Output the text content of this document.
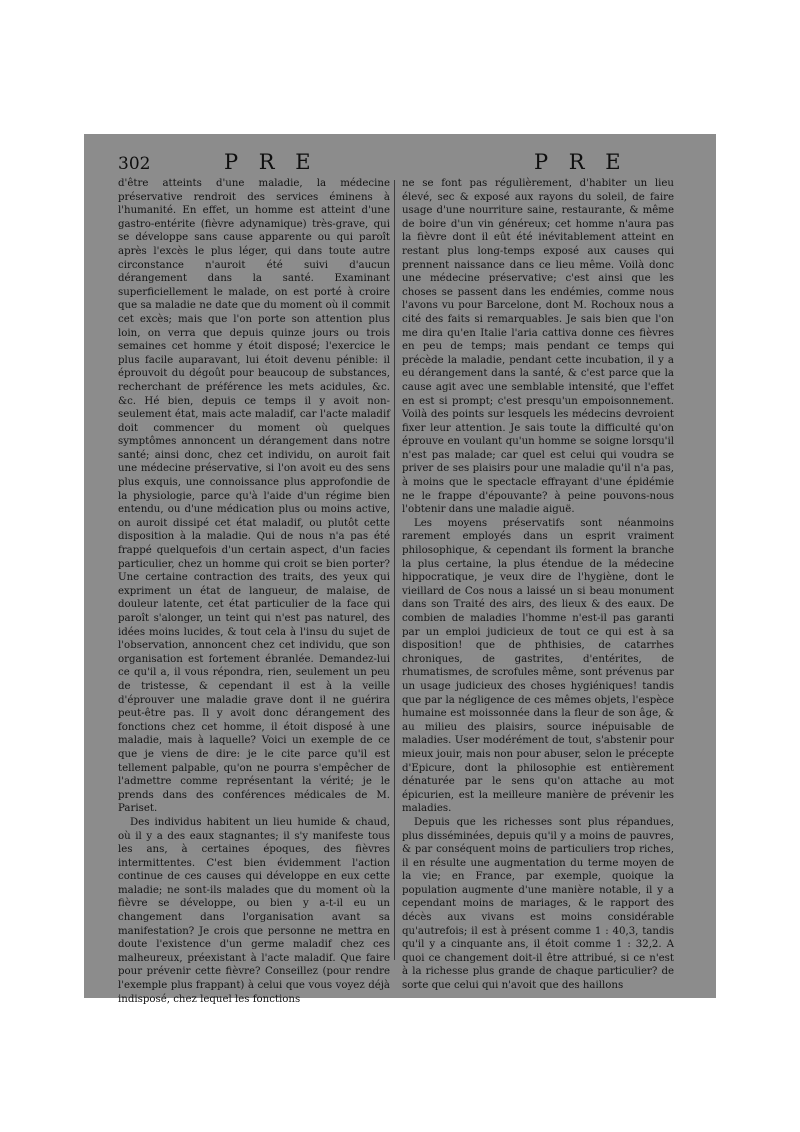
302	P R E	P R E

d'être atteints d'une maladie, la médecine préservative rendroit des services éminens à l'humanité. En effet, un homme est atteint d'une gastro-entérite (fièvre adynamique) très-grave, qui se développe sans cause apparente ou qui paroît après l'excès le plus léger, qui dans toute autre circonstance n'auroit été suivi d'aucun dérangement dans la santé. Examinant superficiellement le malade, on est porté à croire que sa maladie ne date que du moment où il commit cet excès; mais que l'on porte son attention plus loin, on verra que depuis quinze jours ou trois semaines cet homme y étoit disposé; l'exercice le plus facile auparavant, lui étoit devenu pénible: il éprouvoit du dégoût pour beaucoup de substances, recherchant de préférence les mets acidules, &c. &c. Hé bien, depuis ce temps il y avoit non-seulement état, mais acte maladif, car l'acte maladif doit commencer du moment où quelques symptômes annoncent un dérangement dans notre santé; ainsi donc, chez cet individu, on auroit fait une médecine préservative, si l'on avoit eu des sens plus exquis, une connoissance plus approfondie de la physiologie, parce qu'à l'aide d'un régime bien entendu, ou d'une médication plus ou moins active, on auroit dissipé cet état maladif, ou plutôt cette disposition à la maladie. Qui de nous n'a pas été frappé quelquefois d'un certain aspect, d'un facies particulier, chez un homme qui croit se bien porter? Une certaine contraction des traits, des yeux qui expriment un état de langueur, de malaise, de douleur latente, cet état particulier de la face qui paroît s'alonger, un teint qui n'est pas naturel, des idées moins lucides, & tout cela à l'insu du sujet de l'observation, annoncent chez cet individu, que son organisation est fortement ébranlée. Demandez-lui ce qu'il a, il vous répondra, rien, seulement un peu de tristesse, & cependant il est à la veille d'éprouver une maladie grave dont il ne guérira peut-être pas. Il y avoit donc dérangement des fonctions chez cet homme, il étoit disposé à une maladie, mais à laquelle? Voici un exemple de ce que je viens de dire: je le cite parce qu'il est tellement palpable, qu'on ne pourra s'empêcher de l'admettre comme représentant la vérité; je le prends dans des conférences médicales de M. Pariset.

Des individus habitent un lieu humide & chaud, où il y a des eaux stagnantes; il s'y manifeste tous les ans, à certaines époques, des fièvres intermittentes. C'est bien évidemment l'action continue de ces causes qui développe en eux cette maladie; ne sont-ils malades que du moment où la fièvre se développe, ou bien y a-t-il eu un changement dans l'organisation avant sa manifestation? Je crois que personne ne mettra en doute l'existence d'un germe maladif chez ces malheureux, préexistant à l'acte maladif. Que faire pour prévenir cette fièvre? Conseillez (pour rendre l'exemple plus frappant) à celui que vous voyez déjà indisposé, chez lequel les fonctions

ne se font pas régulièrement, d'habiter un lieu élevé, sec & exposé aux rayons du soleil, de faire usage d'une nourriture saine, restaurante, & même de boire d'un vin généreux; cet homme n'aura pas la fièvre dont il eût été inévitablement atteint en restant plus long-temps exposé aux causes qui prennent naissance dans ce lieu même. Voilà donc une médecine préservative; c'est ainsi que les choses se passent dans les endémies, comme nous l'avons vu pour Barcelone, dont M. Rochoux nous a cité des faits si remarquables. Je sais bien que l'on me dira qu'en Italie l'aria cattiva donne ces fièvres en peu de temps; mais pendant ce temps qui précède la maladie, pendant cette incubation, il y a eu dérangement dans la santé, & c'est parce que la cause agit avec une semblable intensité, que l'effet en est si prompt; c'est presqu'un empoisonnement. Voilà des points sur lesquels les médecins devroient fixer leur attention. Je sais toute la difficulté qu'on éprouve en voulant qu'un homme se soigne lorsqu'il n'est pas malade; car quel est celui qui voudra se priver de ses plaisirs pour une maladie qu'il n'a pas, à moins que le spectacle effrayant d'une épidémie ne le frappe d'épouvante? à peine pouvons-nous l'obtenir dans une maladie aiguë.

Les moyens préservatifs sont néanmoins rarement employés dans un esprit vraiment philosophique, & cependant ils forment la branche la plus certaine, la plus étendue de la médecine hippocratique, je veux dire de l'hygiène, dont le vieillard de Cos nous a laissé un si beau monument dans son Traité des airs, des lieux & des eaux. De combien de maladies l'homme n'est-il pas garanti par un emploi judicieux de tout ce qui est à sa disposition! que de phthisies, de catarrhes chroniques, de gastrites, d'entérites, de rhumatismes, de scrofules même, sont prévenus par un usage judicieux des choses hygiéniques! tandis que par la négligence de ces mêmes objets, l'espèce humaine est moissonnée dans la fleur de son âge, & au milieu des plaisirs, source inépuisable de maladies. User modérément de tout, s'abstenir pour mieux jouir, mais non pour abuser, selon le précepte d'Epicure, dont la philosophie est entièrement dénaturée par le sens qu'on attache au mot épicurien, est la meilleure manière de prévenir les maladies.

Depuis que les richesses sont plus répandues, plus disséminées, depuis qu'il y a moins de pauvres, & par conséquent moins de particuliers trop riches, il en résulte une augmentation du terme moyen de la vie; en France, par exemple, quoique la population augmente d'une manière notable, il y a cependant moins de mariages, & le rapport des décès aux vivans est moins considérable qu'autrefois; il est à présent comme 1 : 40,3, tandis qu'il y a cinquante ans, il étoit comme 1 : 32,2. A quoi ce changement doit-il être attribué, si ce n'est à la richesse plus grande de chaque particulier? de sorte que celui qui n'avoit que des haillons
